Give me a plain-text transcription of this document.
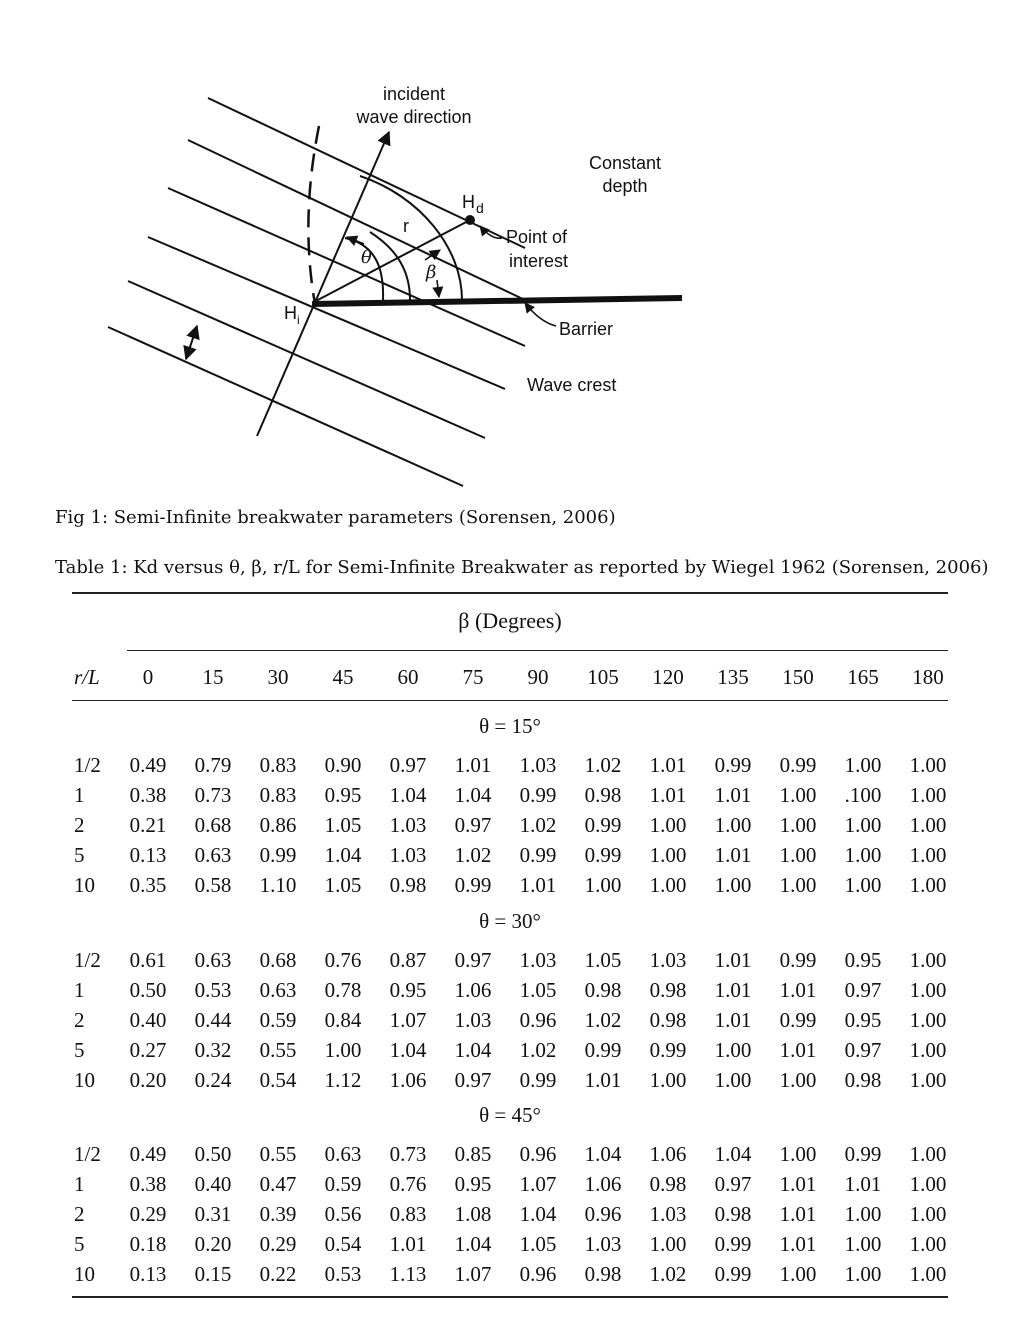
incident
wave direction
Constant
depth
H d
r
θ
β
H i
Point of
interest
Barrier
Wave crest
Fig 1: Semi-Infinite breakwater parameters (Sorensen, 2006)
Table 1: Kd versus θ, β, r/L for Semi-Infinite Breakwater as reported by Wiegel 1962 (Sorensen, 2006)
β (Degrees)
r/L 0 15 30 45 60 75 90 105 120 135 150 165 180
θ = 15°
1/2 0.49 0.79 0.83 0.90 0.97 1.01 1.03 1.02 1.01 0.99 0.99 1.00 1.00
1 0.38 0.73 0.83 0.95 1.04 1.04 0.99 0.98 1.01 1.01 1.00 .100 1.00
2 0.21 0.68 0.86 1.05 1.03 0.97 1.02 0.99 1.00 1.00 1.00 1.00 1.00
5 0.13 0.63 0.99 1.04 1.03 1.02 0.99 0.99 1.00 1.01 1.00 1.00 1.00
10 0.35 0.58 1.10 1.05 0.98 0.99 1.01 1.00 1.00 1.00 1.00 1.00 1.00
θ = 30°
1/2 0.61 0.63 0.68 0.76 0.87 0.97 1.03 1.05 1.03 1.01 0.99 0.95 1.00
1 0.50 0.53 0.63 0.78 0.95 1.06 1.05 0.98 0.98 1.01 1.01 0.97 1.00
2 0.40 0.44 0.59 0.84 1.07 1.03 0.96 1.02 0.98 1.01 0.99 0.95 1.00
5 0.27 0.32 0.55 1.00 1.04 1.04 1.02 0.99 0.99 1.00 1.01 0.97 1.00
10 0.20 0.24 0.54 1.12 1.06 0.97 0.99 1.01 1.00 1.00 1.00 0.98 1.00
θ = 45°
1/2 0.49 0.50 0.55 0.63 0.73 0.85 0.96 1.04 1.06 1.04 1.00 0.99 1.00
1 0.38 0.40 0.47 0.59 0.76 0.95 1.07 1.06 0.98 0.97 1.01 1.01 1.00
2 0.29 0.31 0.39 0.56 0.83 1.08 1.04 0.96 1.03 0.98 1.01 1.00 1.00
5 0.18 0.20 0.29 0.54 1.01 1.04 1.05 1.03 1.00 0.99 1.01 1.00 1.00
10 0.13 0.15 0.22 0.53 1.13 1.07 0.96 0.98 1.02 0.99 1.00 1.00 1.00
